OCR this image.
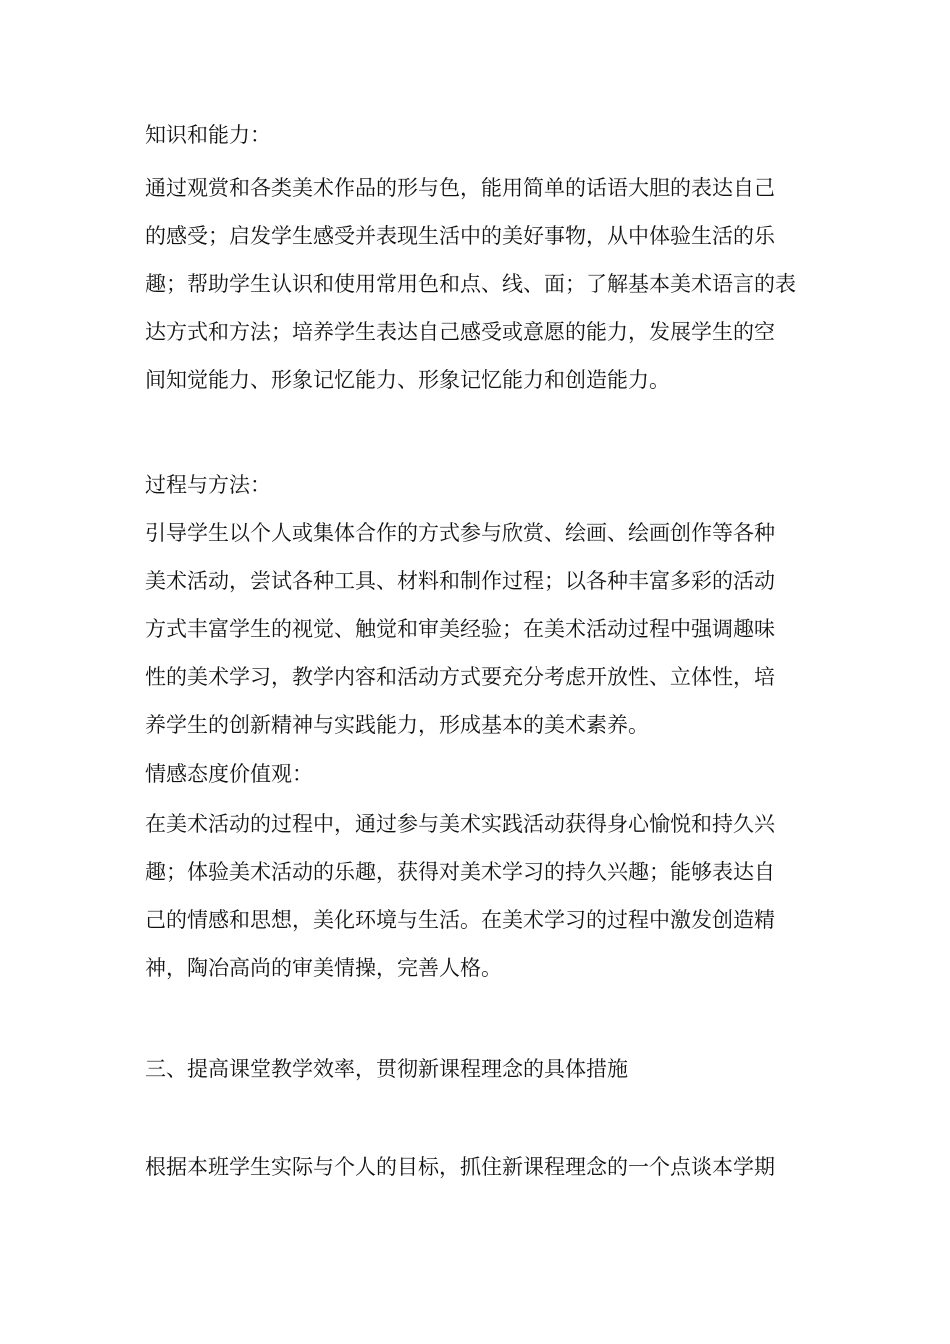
知识和能力：
通过观赏和各类美术作品的形与色，能用简单的话语大胆的表达自己
的感受；启发学生感受并表现生活中的美好事物，从中体验生活的乐
趣；帮助学生认识和使用常用色和点、线、面；了解基本美术语言的表
达方式和方法；培养学生表达自己感受或意愿的能力，发展学生的空
间知觉能力、形象记忆能力、形象记忆能力和创造能力。
过程与方法：
引导学生以个人或集体合作的方式参与欣赏、绘画、绘画创作等各种
美术活动，尝试各种工具、材料和制作过程；以各种丰富多彩的活动
方式丰富学生的视觉、触觉和审美经验；在美术活动过程中强调趣味
性的美术学习，教学内容和活动方式要充分考虑开放性、立体性，培
养学生的创新精神与实践能力，形成基本的美术素养。
情感态度价值观：
在美术活动的过程中，通过参与美术实践活动获得身心愉悦和持久兴
趣；体验美术活动的乐趣，获得对美术学习的持久兴趣；能够表达自
己的情感和思想，美化环境与生活。在美术学习的过程中激发创造精
神，陶冶高尚的审美情操，完善人格。
三、提高课堂教学效率，贯彻新课程理念的具体措施
根据本班学生实际与个人的目标，抓住新课程理念的一个点谈本学期
